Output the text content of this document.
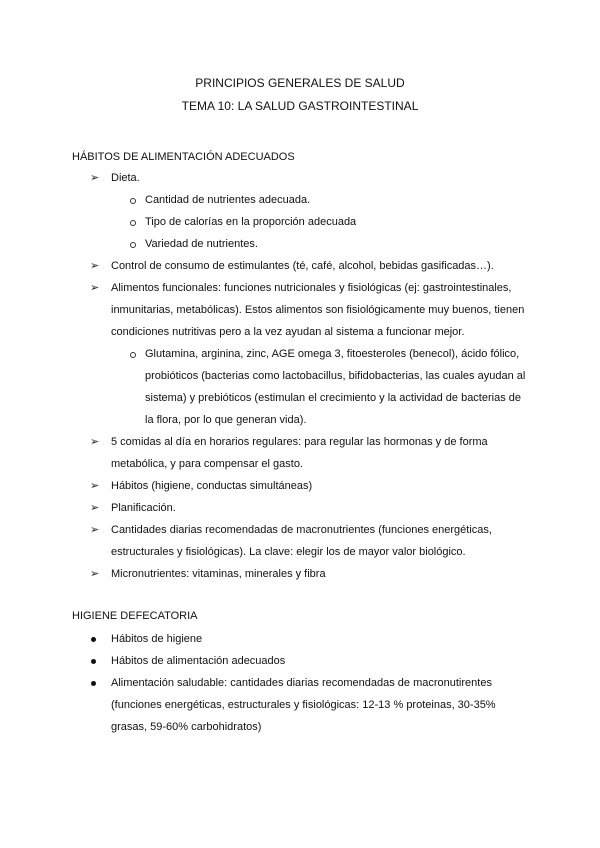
PRINCIPIOS GENERALES DE SALUD
TEMA 10: LA SALUD GASTROINTESTINAL
HÁBITOS DE ALIMENTACIÓN ADECUADOS
➢ Dieta.
Cantidad de nutrientes adecuada.
Tipo de calorías en la proporción adecuada
Variedad de nutrientes.
➢ Control de consumo de estimulantes (té, café, alcohol, bebidas gasificadas…).
➢ Alimentos funcionales: funciones nutricionales y fisiológicas (ej: gastrointestinales,
inmunitarias, metabólicas). Estos alimentos son fisiológicamente muy buenos, tienen
condiciones nutritivas pero a la vez ayudan al sistema a funcionar mejor.
Glutamina, arginina, zinc, AGE omega 3, fitoesteroles (benecol), ácido fólico,
probióticos (bacterias como lactobacillus, bifidobacterias, las cuales ayudan al
sistema) y prebióticos (estimulan el crecimiento y la actividad de bacterias de
la flora, por lo que generan vida).
➢ 5 comidas al día en horarios regulares: para regular las hormonas y de forma
metabólica, y para compensar el gasto.
➢ Hábitos (higiene, conductas simultáneas)
➢ Planificación.
➢ Cantidades diarias recomendadas de macronutrientes (funciones energéticas,
estructurales y fisiológicas). La clave: elegir los de mayor valor biológico.
➢ Micronutrientes: vitaminas, minerales y fibra
HIGIENE DEFECATORIA
Hábitos de higiene
Hábitos de alimentación adecuados
Alimentación saludable: cantidades diarias recomendadas de macronutirentes
(funciones energéticas, estructurales y fisiológicas: 12-13 % proteinas, 30-35%
grasas, 59-60% carbohidratos)
